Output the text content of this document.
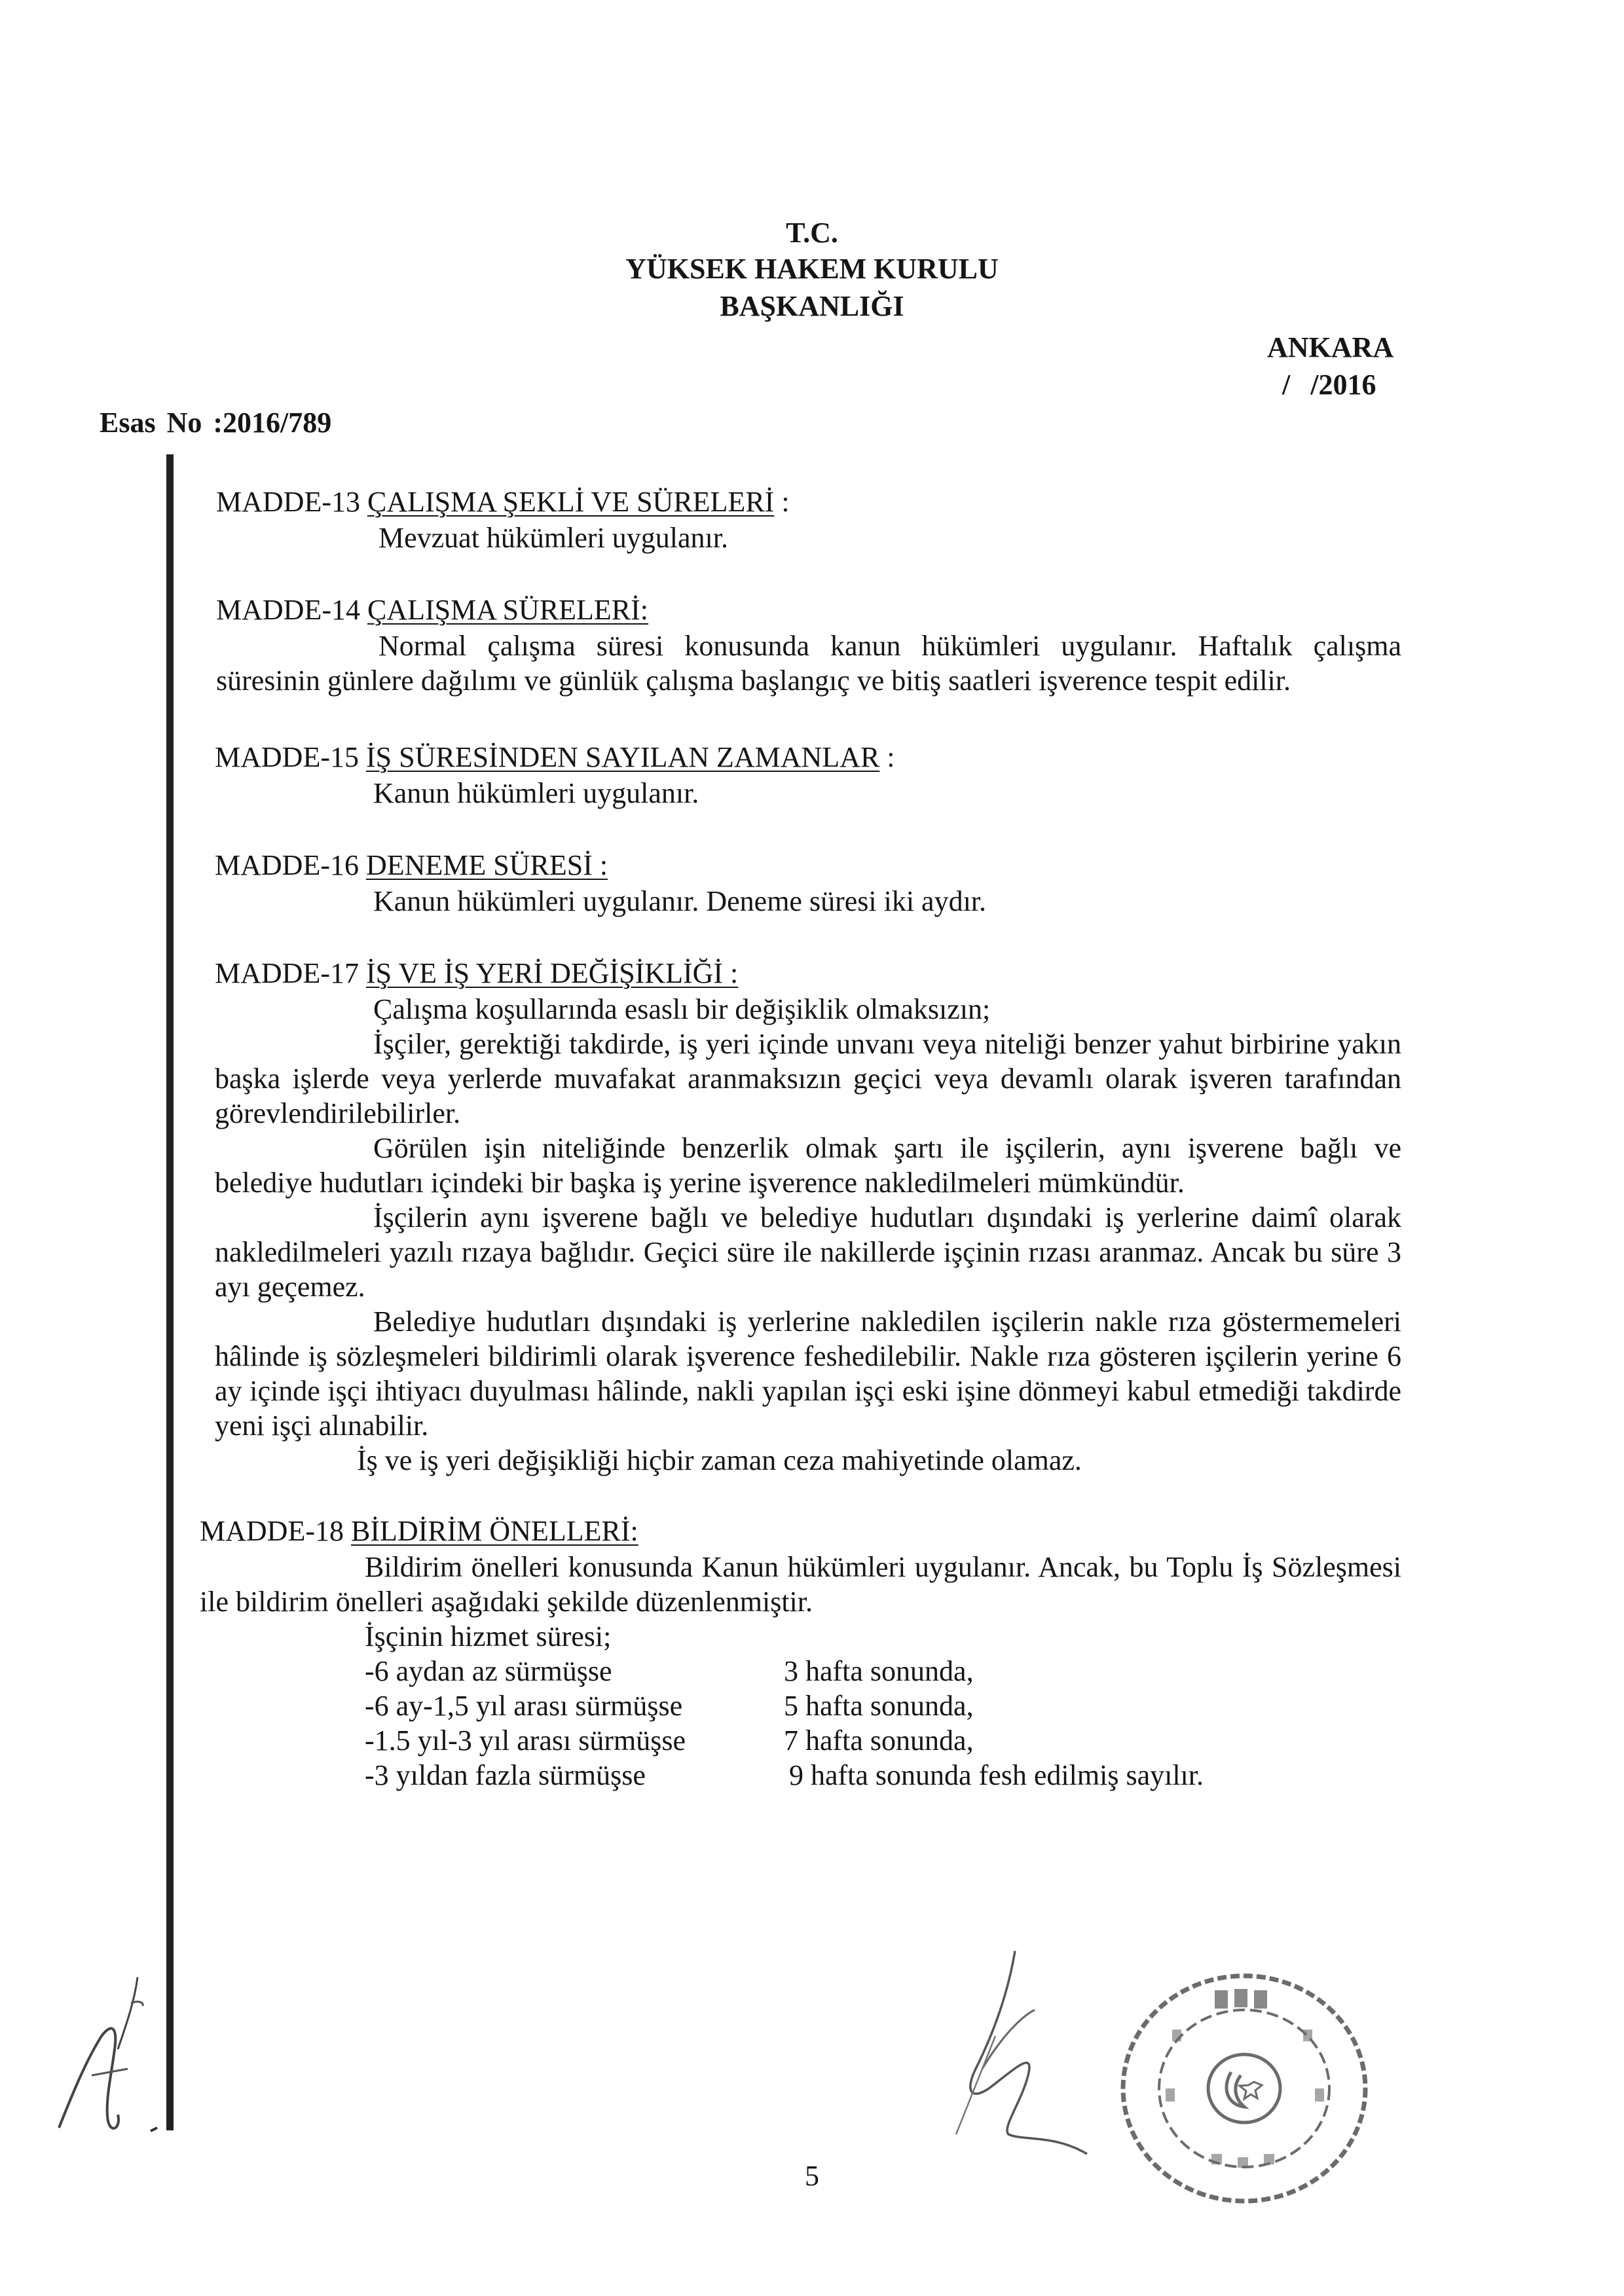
T.C.
YÜKSEK HAKEM KURULU
BAŞKANLIĞI
ANKARA
/ /2016
Esas No :2016/789
MADDE-13 ÇALIŞMA ŞEKLİ VE SÜRELERİ :
Mevzuat hükümleri uygulanır.
MADDE-14 ÇALIŞMA SÜRELERİ:
Normal çalışma süresi konusunda kanun hükümleri uygulanır. Haftalık çalışma süresinin günlere dağılımı ve günlük çalışma başlangıç ve bitiş saatleri işverence tespit edilir.
MADDE-15 İŞ SÜRESİNDEN SAYILAN ZAMANLAR :
Kanun hükümleri uygulanır.
MADDE-16 DENEME SÜRESİ :
Kanun hükümleri uygulanır. Deneme süresi iki aydır.
MADDE-17 İŞ VE İŞ YERİ DEĞİŞİKLİĞİ :
Çalışma koşullarında esaslı bir değişiklik olmaksızın;
İşçiler, gerektiği takdirde, iş yeri içinde unvanı veya niteliği benzer yahut birbirine yakın başka işlerde veya yerlerde muvafakat aranmaksızın geçici veya devamlı olarak işveren tarafından görevlendirilebilirler.
Görülen işin niteliğinde benzerlik olmak şartı ile işçilerin, aynı işverene bağlı ve belediye hudutları içindeki bir başka iş yerine işverence nakledilmeleri mümkündür.
İşçilerin aynı işverene bağlı ve belediye hudutları dışındaki iş yerlerine daimî olarak nakledilmeleri yazılı rızaya bağlıdır. Geçici süre ile nakillerde işçinin rızası aranmaz. Ancak bu süre 3 ayı geçemez.
Belediye hudutları dışındaki iş yerlerine nakledilen işçilerin nakle rıza göstermemeleri hâlinde iş sözleşmeleri bildirimli olarak işverence feshedilebilir. Nakle rıza gösteren işçilerin yerine 6 ay içinde işçi ihtiyacı duyulması hâlinde, nakli yapılan işçi eski işine dönmeyi kabul etmediği takdirde yeni işçi alınabilir.
İş ve iş yeri değişikliği hiçbir zaman ceza mahiyetinde olamaz.
MADDE-18 BİLDİRİM ÖNELLERİ:
Bildirim önelleri konusunda Kanun hükümleri uygulanır. Ancak, bu Toplu İş Sözleşmesi ile bildirim önelleri aşağıdaki şekilde düzenlenmiştir.
İşçinin hizmet süresi;
-6 aydan az sürmüşse	3 hafta sonunda,
-6 ay-1,5 yıl arası sürmüşse	5 hafta sonunda,
-1.5 yıl-3 yıl arası sürmüşse	7 hafta sonunda,
-3 yıldan fazla sürmüşse	9 hafta sonunda fesh edilmiş sayılır.
5
